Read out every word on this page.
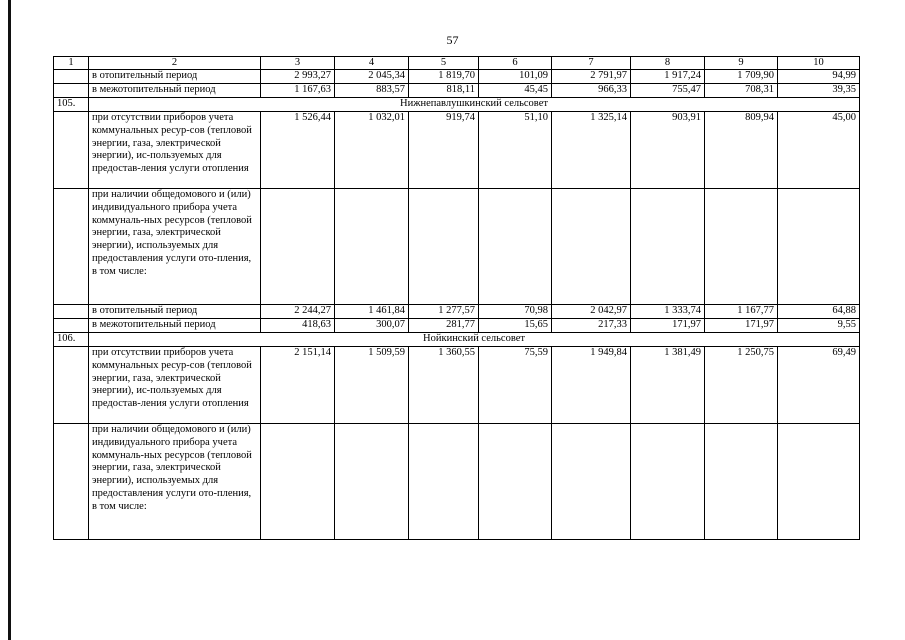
57
1	2	3	4	5	6	7	8	9	10
	в отопительный период	2 993,27	2 045,34	1 819,70	101,09	2 791,97	1 917,24	1 709,90	94,99
	в межотопительный период	1 167,63	883,57	818,11	45,45	966,33	755,47	708,31	39,35
105.	Нижнепавлушкинский сельсовет								
	при отсутствии приборов учета коммунальных ресур-сов (тепловой энергии, газа, электрической энергии), ис-пользуемых для предостав-ления услуги отопления	1 526,44	1 032,01	919,74	51,10	1 325,14	903,91	809,94	45,00
	при наличии общедомового и (или) индивидуального прибора учета коммуналь-ных ресурсов (тепловой энергии, газа, электрической энергии), используемых для предоставления услуги ото-пления, в том числе:								
	в отопительный период	2 244,27	1 461,84	1 277,57	70,98	2 042,97	1 333,74	1 167,77	64,88
	в межотопительный период	418,63	300,07	281,77	15,65	217,33	171,97	171,97	9,55
106.	Нойкинский сельсовет								
	при отсутствии приборов учета коммунальных ресур-сов (тепловой энергии, газа, электрической энергии), ис-пользуемых для предостав-ления услуги отопления	2 151,14	1 509,59	1 360,55	75,59	1 949,84	1 381,49	1 250,75	69,49
	при наличии общедомового и (или) индивидуального прибора учета коммуналь-ных ресурсов (тепловой энергии, газа, электрической энергии), используемых для предоставления услуги ото-пления, в том числе:								
